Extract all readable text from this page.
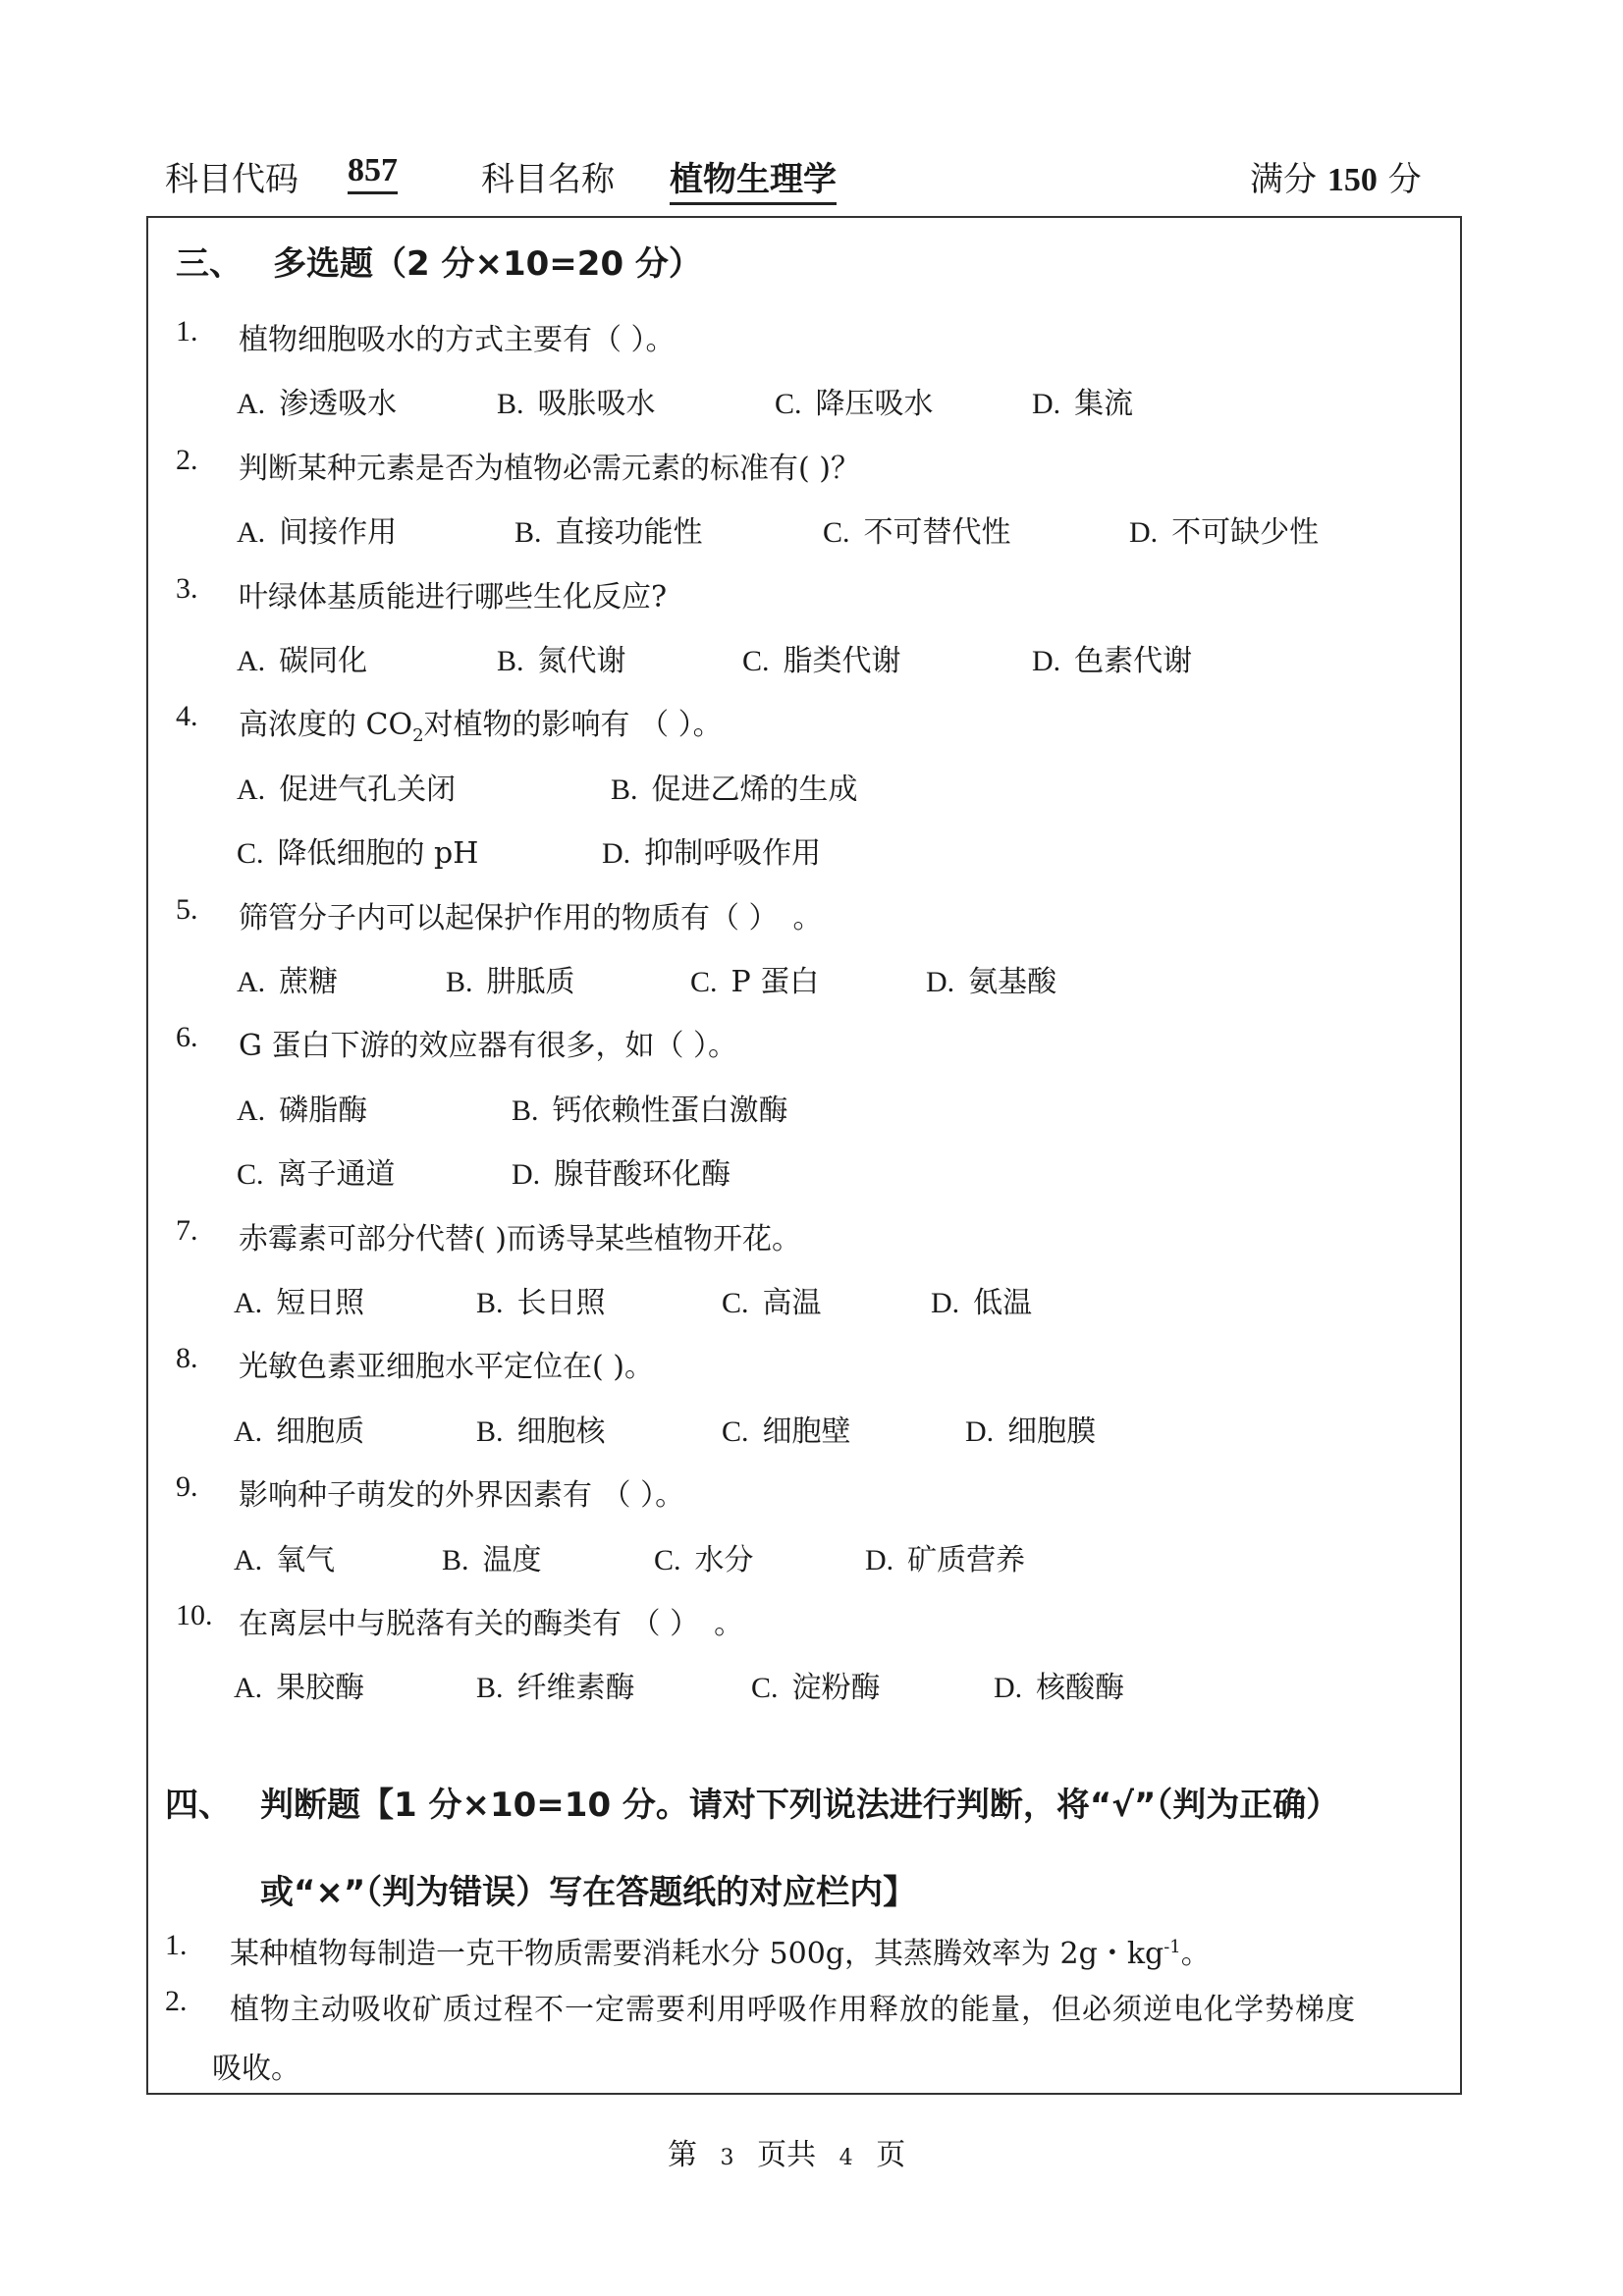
科目代码 857	科目名称 植物生理学	满分 150 分
三、 多选题（2 分×10=20 分）
1. 植物细胞吸水的方式主要有（ ）。
A. 渗透吸水	B. 吸胀吸水	C. 降压吸水	D. 集流
2. 判断某种元素是否为植物必需元素的标准有( )？
A. 间接作用	B. 直接功能性	C. 不可替代性	D. 不可缺少性
3. 叶绿体基质能进行哪些生化反应?
A. 碳同化	B. 氮代谢	C. 脂类代谢	D. 色素代谢
4. 高浓度的 $CO_2$对植物的影响有 （ ）。
A. 促进气孔关闭	B. 促进乙烯的生成
C. 降低细胞的 pH	D. 抑制呼吸作用
5. 筛管分子内可以起保护作用的物质有（ ）　。
A. 蔗糖	B. 肼胝质	C. P 蛋白	D. 氨基酸
6. G 蛋白下游的效应器有很多，如（ ）。
A. 磷脂酶	B. 钙依赖性蛋白激酶
C. 离子通道	D. 腺苷酸环化酶
7. 赤霉素可部分代替( )而诱导某些植物开花。
A. 短日照	B. 长日照	C. 高温	D. 低温
8. 光敏色素亚细胞水平定位在( )。
A. 细胞质	B. 细胞核	C. 细胞壁	D. 细胞膜
9. 影响种子萌发的外界因素有 （ ）。
A. 氧气	B. 温度	C. 水分	D. 矿质营养
10. 在离层中与脱落有关的酶类有 （ ）　。
A. 果胶酶	B. 纤维素酶	C. 淀粉酶	D. 核酸酶
四、 判断题【1 分×10=10 分。请对下列说法进行判断，将“√”（判为正确）
或“×”（判为错误）写在答题纸的对应栏内】
1. 某种植物每制造一克干物质需要消耗水分 500g，其蒸腾效率为 2g・$kg^{-1}$。
2. 植物主动吸收矿质过程不一定需要利用呼吸作用释放的能量，但必须逆电化学势梯度
吸收。
第 3 页共 4 页
